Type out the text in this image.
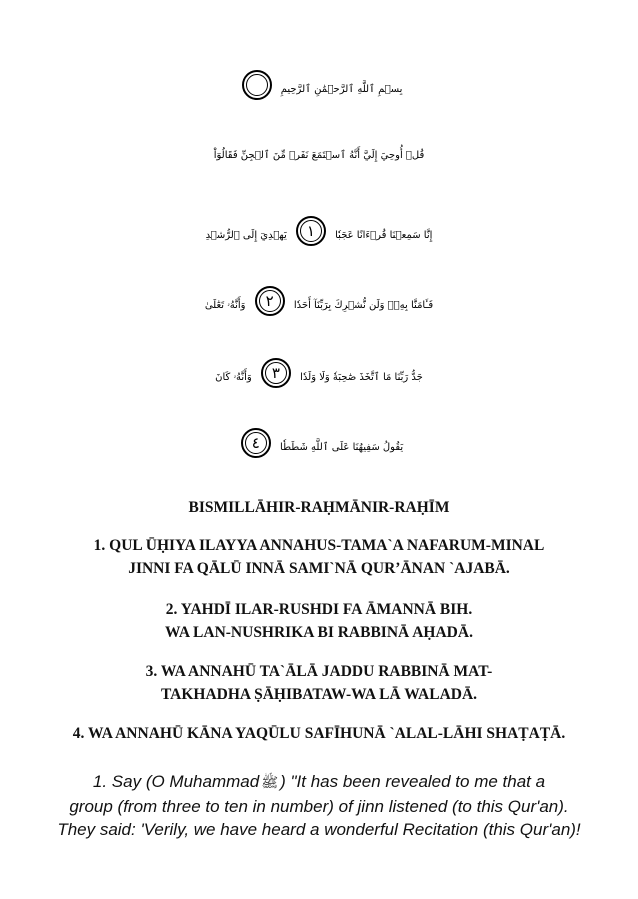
بِسۡمِ ٱللَّهِ ٱلرَّحۡمَٰنِ ٱلرَّحِيمِ
قُلۡ أُوحِيَ إِلَيَّ أَنَّهُ ٱسۡتَمَعَ نَفَرٞ مِّنَ ٱلۡجِنِّ فَقَالُوٓاْ
إِنَّا سَمِعۡنَا قُرۡءَانًا عَجَبٗا ١ يَهۡدِيٓ إِلَى ٱلرُّشۡدِ
فَـَٔامَنَّا بِهِۦۖ وَلَن نُّشۡرِكَ بِرَبِّنَآ أَحَدٗا ٢ وَأَنَّهُۥ تَعَٰلَىٰ
جَدُّ رَبِّنَا مَا ٱتَّخَذَ صَٰحِبَةٗ وَلَا وَلَدٗا ٣ وَأَنَّهُۥ كَانَ
يَقُولُ سَفِيهُنَا عَلَى ٱللَّهِ شَطَطٗا ٤
BISMILLĀHIR-RAḤMĀNIR-RAḤĪM
1. QUL ŪḤIYA ILAYYA ANNAHUS-TAMA`A NAFARUM-MINAL
JINNI FA QĀLŪ INNĀ SAMI`NĀ QUR’ĀNAN `AJABĀ.
2. YAHDĪ ILAR-RUSHDI FA ĀMANNĀ BIH.
WA LAN-NUSHRIKA BI RABBINĀ AḤADĀ.
3. WA ANNAHŪ TA`ĀLĀ JADDU RABBINĀ MAT-
TAKHADHA ṢĀḤIBATAW-WA LĀ WALADĀ.
4. WA ANNAHŪ KĀNA YAQŪLU SAFĪHUNĀ `ALAL-LĀHI SHAṬAṬĀ.
1. Say (O Muhammad ﷺ ) "It has been revealed to me that a
group (from three to ten in number) of jinn listened (to this Qur'an).
They said: 'Verily, we have heard a wonderful Recitation (this Qur'an)!
